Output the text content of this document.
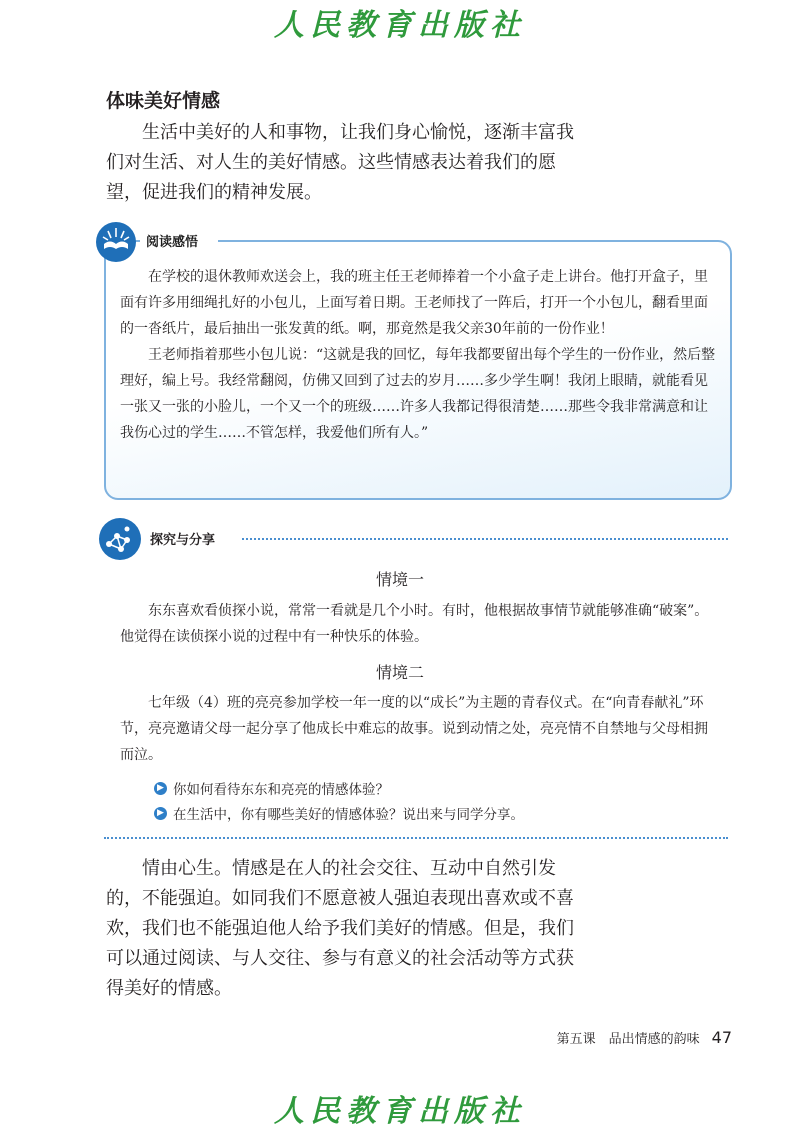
人民教育出版社
体味美好情感

生活中美好的人和事物，让我们身心愉悦，逐渐丰富我们对生活、对人生的美好情感。这些情感表达着我们的愿望，促进我们的精神发展。

阅读感悟

在学校的退休教师欢送会上，我的班主任王老师捧着一个小盒子走上讲台。他打开盒子，里面有许多用细绳扎好的小包儿，上面写着日期。王老师找了一阵后，打开一个小包儿，翻看里面的一沓纸片，最后抽出一张发黄的纸。啊，那竟然是我父亲30年前的一份作业！

王老师指着那些小包儿说：“这就是我的回忆，每年我都要留出每个学生的一份作业，然后整理好，编上号。我经常翻阅，仿佛又回到了过去的岁月……多少学生啊！我闭上眼睛，就能看见一张又一张的小脸儿，一个又一个的班级……许多人我都记得很清楚……那些令我非常满意和让我伤心过的学生……不管怎样，我爱他们所有人。”

探究与分享
情境一

东东喜欢看侦探小说，常常一看就是几个小时。有时，他根据故事情节就能够准确“破案”。他觉得在读侦探小说的过程中有一种快乐的体验。

情境二

七年级（4）班的亮亮参加学校一年一度的以“成长”为主题的青春仪式。在“向青春献礼”环节，亮亮邀请父母一起分享了他成长中难忘的故事。说到动情之处，亮亮情不自禁地与父母相拥而泣。

▶ 你如何看待东东和亮亮的情感体验？
▶ 在生活中，你有哪些美好的情感体验？说出来与同学分享。

情由心生。情感是在人的社会交往、互动中自然引发的，不能强迫。如同我们不愿意被人强迫表现出喜欢或不喜欢，我们也不能强迫他人给予我们美好的情感。但是，我们可以通过阅读、与人交往、参与有意义的社会活动等方式获得美好的情感。

第五课　品出情感的韵味 47
人民教育出版社
